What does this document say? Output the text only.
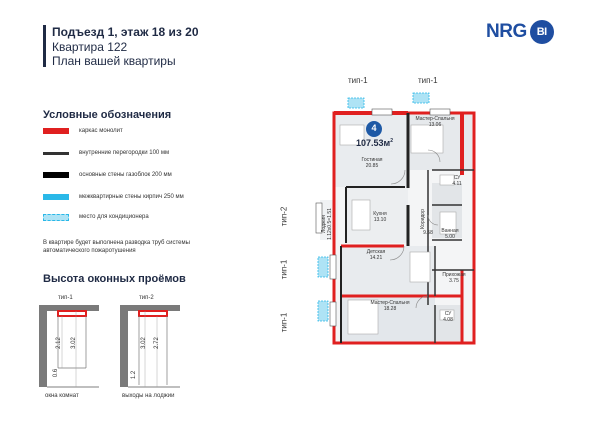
Подъезд 1, этаж 18 из 20
Квартира 122
План вашей квартиры
NRG BI
Условные обозначения
каркас монолит
внутренние перегородки 100 мм
основные стены газоблок 200 мм
межквартирные стены кирпич 250 мм
место для кондиционера
В квартире будет выполнена разводка труб системы автоматического пожаротушения
Высота оконных проёмов
тип-1	тип-2
2.12 3.02
0.6
окна комнат
3.02 2.72
1.2
выходы на лоджии
тип-1	тип-1
тип-2
тип-1
тип-1
4
$107.53м^2$
Мастер-Спальня
13.06
Гостиная
20.85
СУ
4.11
Лоджия 1.12x0.5=1.51	Кухня
13.10	Коридор
9.58	Ванная
5.00
Детская
14.21
Прихожая
3.75
Мастер-Спальня
18.28
СУ
4.08
